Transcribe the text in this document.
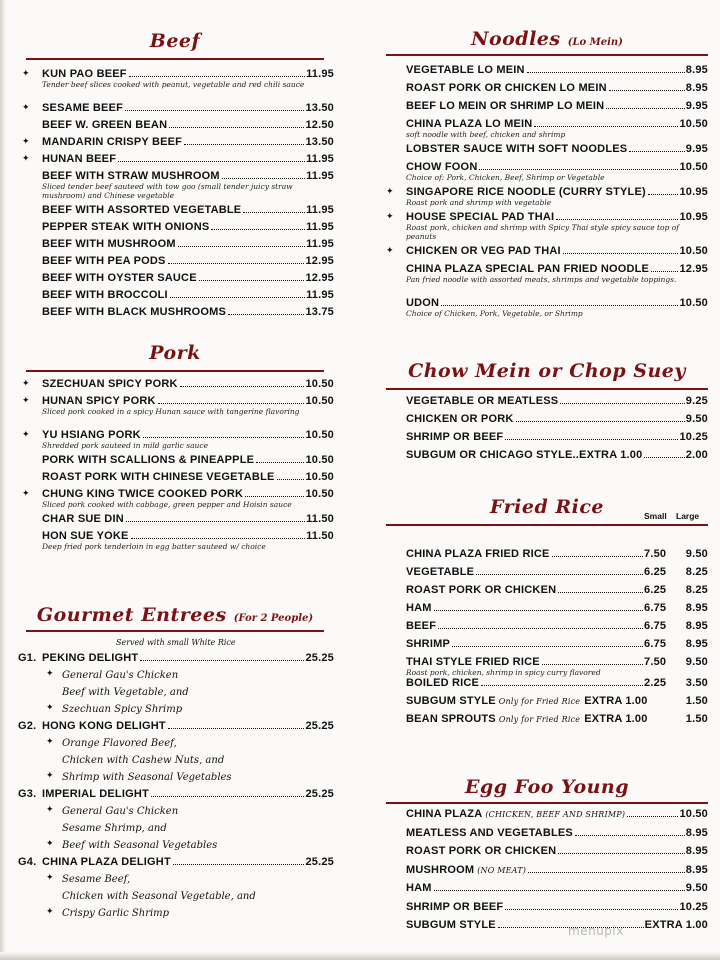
Beef
✦ KUN PAO BEEF	11.95
Tender beef slices cooked with peanut, vegetable and red chili sauce
✦ SESAME BEEF	13.50
BEEF W. GREEN BEAN	12.50
✦ MANDARIN CRISPY BEEF	13.50
✦ HUNAN BEEF	11.95
BEEF WITH STRAW MUSHROOM	11.95
Sliced tender beef sauteed with tow goo (small tender juicy straw mushroom) and Chinese vegetable
BEEF WITH ASSORTED VEGETABLE	11.95
PEPPER STEAK WITH ONIONS	11.95
BEEF WITH MUSHROOM	11.95
BEEF WITH PEA PODS	12.95
BEEF WITH OYSTER SAUCE	12.95
BEEF WITH BROCCOLI	11.95
BEEF WITH BLACK MUSHROOMS	13.75
Pork
✦ SZECHUAN SPICY PORK	10.50
✦ HUNAN SPICY PORK	10.50
Sliced pork cooked in a spicy Hunan sauce with tangerine flavoring
✦ YU HSIANG PORK	10.50
Shredded pork sauteed in mild garlic sauce
PORK WITH SCALLIONS & PINEAPPLE	10.50
ROAST PORK WITH CHINESE VEGETABLE	10.50
✦ CHUNG KING TWICE COOKED PORK	10.50
Sliced pork cooked with cabbage, green pepper and Hoisin sauce
CHAR SUE DIN	11.50
HON SUE YOKE	11.50
Deep fried pork tenderloin in egg batter sauteed w/ choice
Gourmet Entrees (For 2 People)
Served with small White Rice
G1. PEKING DELIGHT	25.25
General Gau's Chicken
✦
Beef with Vegetable, and
Szechuan Spicy Shrimp
✦
G2. HONG KONG DELIGHT	25.25
Orange Flavored Beef,
✦
Chicken with Cashew Nuts, and
Shrimp with Seasonal Vegetables
✦
G3. IMPERIAL DELIGHT	25.25
General Gau's Chicken
✦
Sesame Shrimp, and
Beef with Seasonal Vegetables
✦
G4. CHINA PLAZA DELIGHT	25.25
Sesame Beef,
✦
Chicken with Seasonal Vegetable, and
Crispy Garlic Shrimp
✦
Noodles (Lo Mein)
VEGETABLE LO MEIN	8.95
ROAST PORK OR CHICKEN LO MEIN	8.95
BEEF LO MEIN OR SHRIMP LO MEIN	9.95
CHINA PLAZA LO MEIN	10.50
soft noodle with beef, chicken and shrimp
LOBSTER SAUCE WITH SOFT NOODLES	9.95
CHOW FOON	10.50
Choice of: Pork, Chicken, Beef, Shrimp or Vegetable
✦ SINGAPORE RICE NOODLE (CURRY STYLE)	10.95
Roast pork and shrimp with vegetable
✦ HOUSE SPECIAL PAD THAI	10.95
Roast pork, chicken and shrimp with Spicy Thai style spicy sauce top of peanuts
✦ CHICKEN OR VEG PAD THAI	10.50
CHINA PLAZA SPECIAL PAN FRIED NOODLE	12.95
Pan fried noodle with assorted meats, shrimps and vegetable toppings.
UDON	10.50
Choice of Chicken, Pork, Vegetable, or Shrimp
Chow Mein or Chop Suey
VEGETABLE OR MEATLESS	9.25
CHICKEN OR PORK	9.50
SHRIMP OR BEEF	10.25
SUBGUM OR CHICAGO STYLE..EXTRA 1.00	2.00
Fried Rice	Small Large
CHINA PLAZA FRIED RICE	7.50 9.50
VEGETABLE	6.25 8.25
ROAST PORK OR CHICKEN	6.25 8.25
HAM	6.75 8.95
BEEF	6.75 8.95
SHRIMP	6.75 8.95
THAI STYLE FRIED RICE	7.50 9.50
Roast pork, chicken, shrimp in spicy curry flavored
BOILED RICE	2.25 3.50
SUBGUM STYLE Only for Fried Rice EXTRA 1.00	1.50
BEAN SPROUTS Only for Fried Rice EXTRA 1.00	1.50
Egg Foo Young
CHINA PLAZA (CHICKEN, BEEF AND SHRIMP)	10.50
MEATLESS AND VEGETABLES	8.95
ROAST PORK OR CHICKEN	8.95
MUSHROOM (NO MEAT)	8.95
HAM	9.50
SHRIMP OR BEEF	10.25
SUBGUM STYLE	EXTRA 1.00
menupix
